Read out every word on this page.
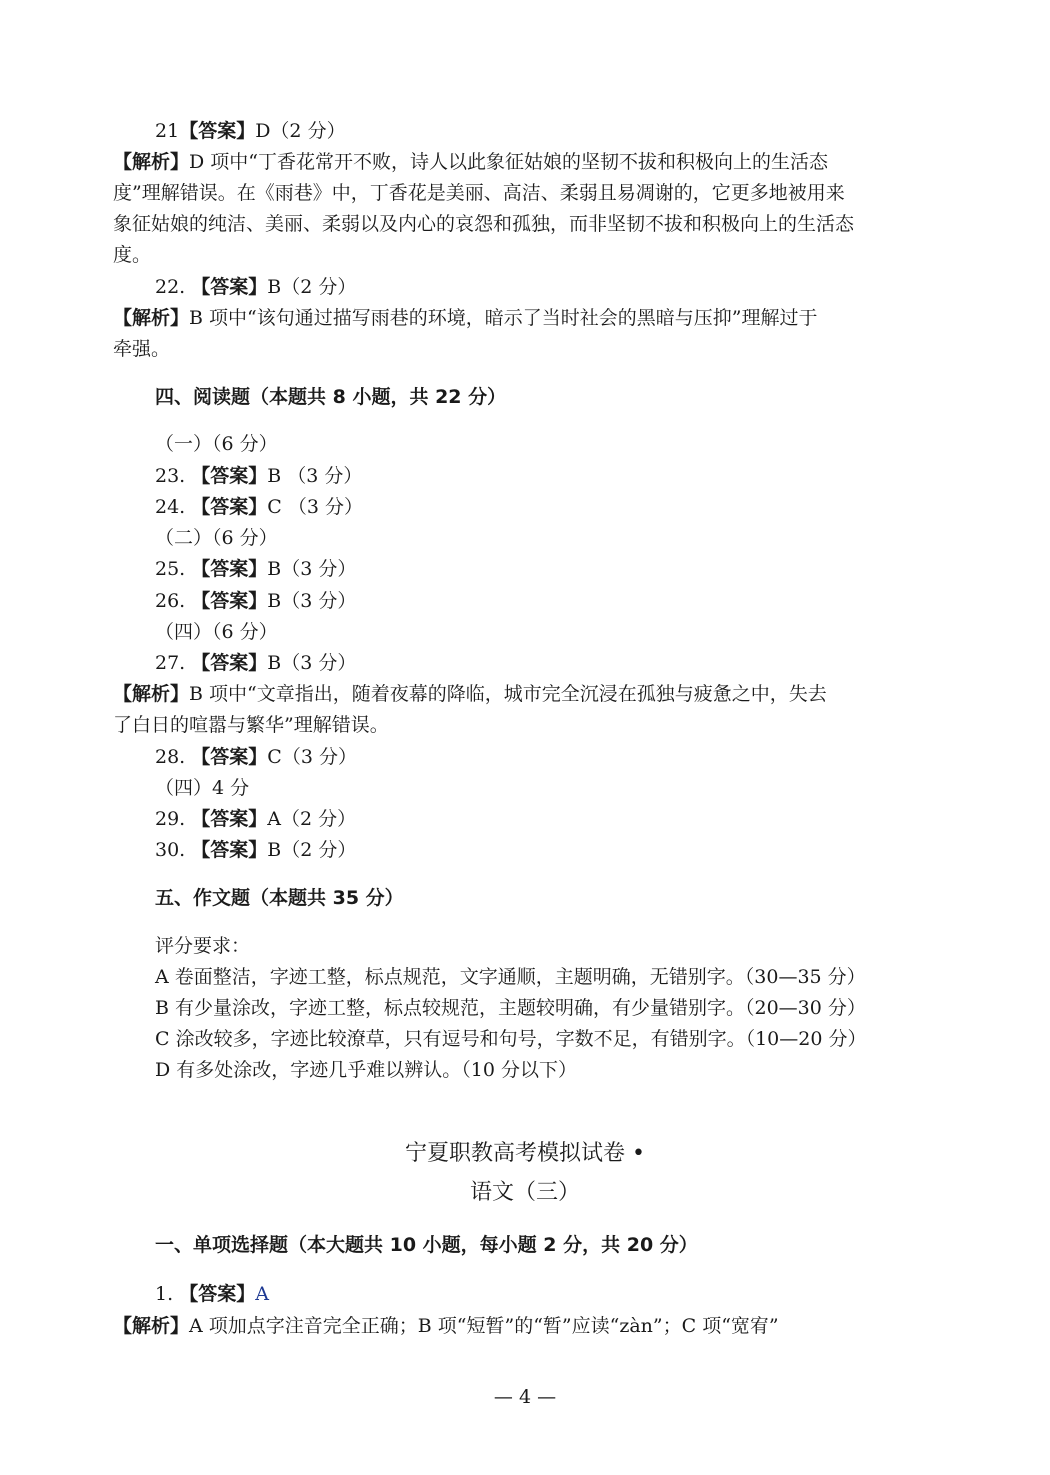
21【答案】D（2 分）
【解析】D 项中“丁香花常开不败，诗人以此象征姑娘的坚韧不拔和积极向上的生活态
度”理解错误。在《雨巷》中，丁香花是美丽、高洁、柔弱且易凋谢的，它更多地被用来
象征姑娘的纯洁、美丽、柔弱以及内心的哀怨和孤独，而非坚韧不拔和积极向上的生活态
度。
22. 【答案】B（2 分）
【解析】B 项中“该句通过描写雨巷的环境，暗示了当时社会的黑暗与压抑”理解过于
牵强。
四、阅读题（本题共 8 小题，共 22 分）
（一）（6 分）
23. 【答案】B （3 分）
24. 【答案】C （3 分）
（二）（6 分）
25. 【答案】B（3 分）
26. 【答案】B（3 分）
（四）（6 分）
27. 【答案】B（3 分）
【解析】B 项中“文章指出，随着夜幕的降临，城市完全沉浸在孤独与疲惫之中，失去
了白日的喧嚣与繁华”理解错误。
28. 【答案】C（3 分）
（四）4 分
29. 【答案】A（2 分）
30. 【答案】B（2 分）
五、作文题（本题共 35 分）
评分要求：
A 卷面整洁，字迹工整，标点规范，文字通顺，主题明确，无错别字。（30—35 分）
B 有少量涂改，字迹工整，标点较规范，主题较明确，有少量错别字。（20—30 分）
C 涂改较多，字迹比较潦草，只有逗号和句号，字数不足，有错别字。（10—20 分）
D 有多处涂改，字迹几乎难以辨认。（10 分以下）
宁夏职教高考模拟试卷 •
语文（三）
一、单项选择题（本大题共 10 小题，每小题 2 分，共 20 分）
1. 【答案】A
【解析】A 项加点字注音完全正确；B 项“短暂”的“暂”应读“zàn”；C 项“宽宥”
— 4 —
